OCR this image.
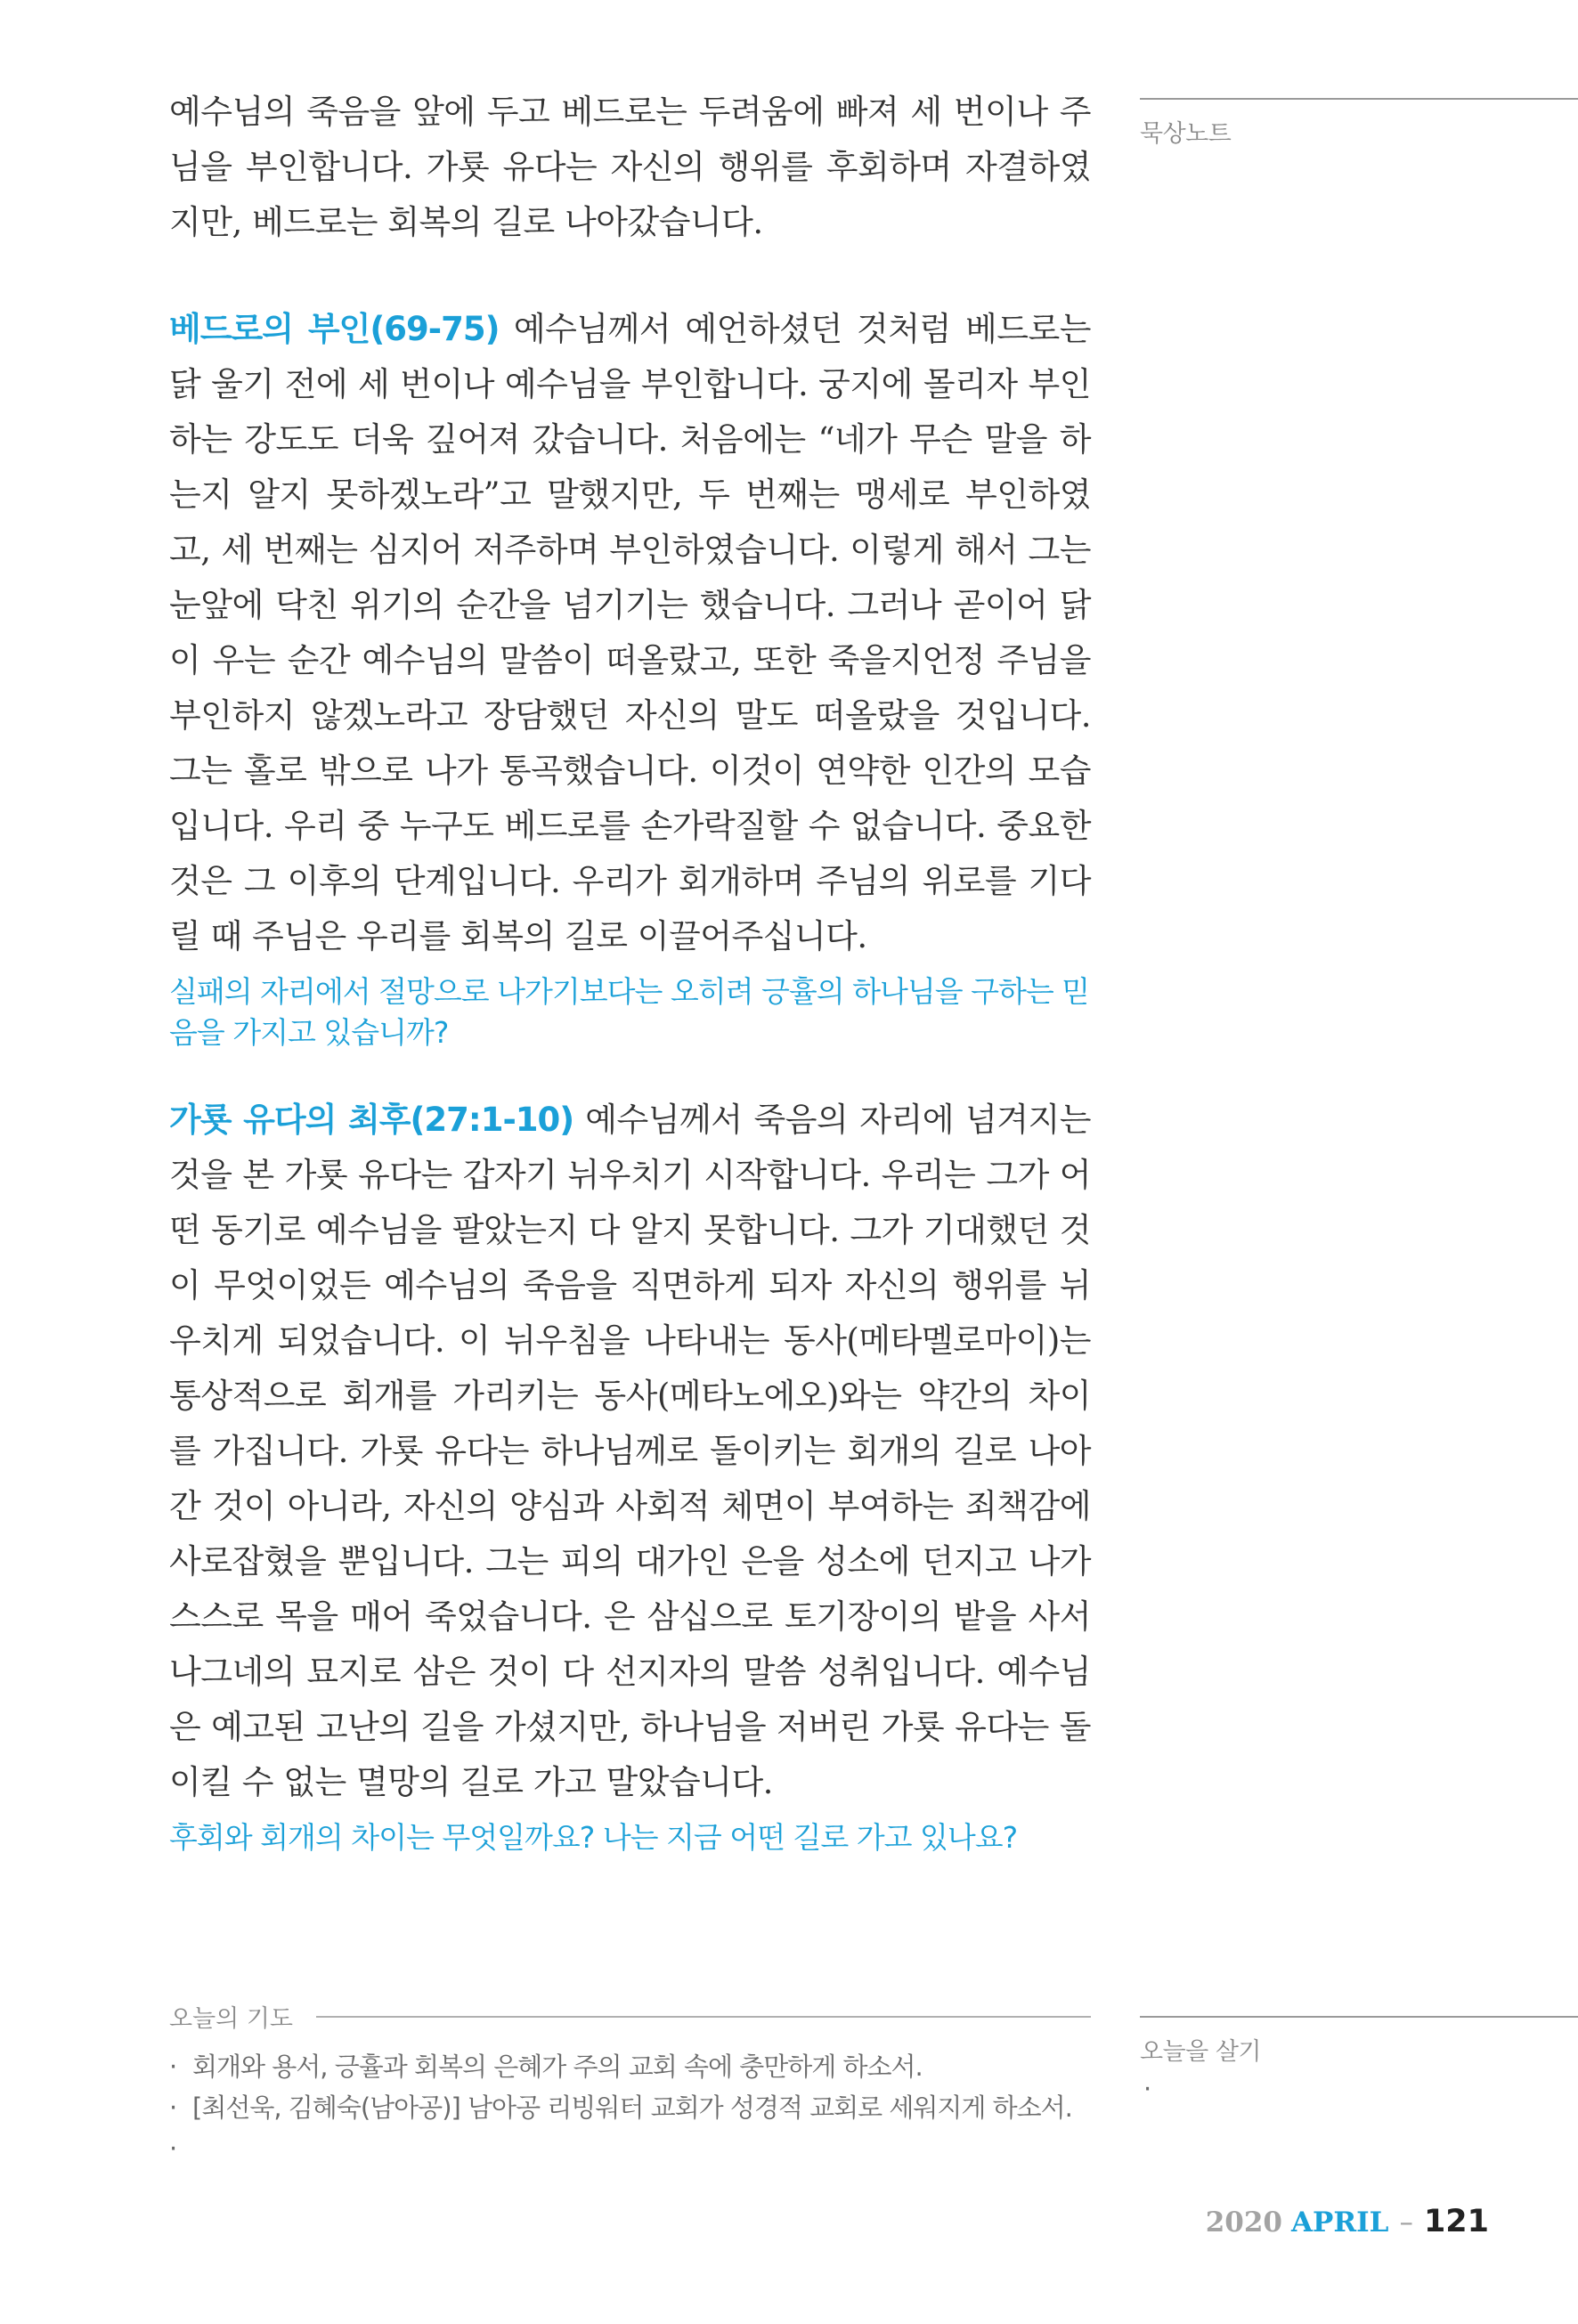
예수님의 죽음을 앞에 두고 베드로는 두려움에 빠져 세 번이나 주님을 부인합니다. 가룟 유다는 자신의 행위를 후회하며 자결하였지만, 베드로는 회복의 길로 나아갔습니다.

베드로의 부인(69-75) 예수님께서 예언하셨던 것처럼 베드로는 닭 울기 전에 세 번이나 예수님을 부인합니다. 궁지에 몰리자 부인하는 강도도 더욱 깊어져 갔습니다. 처음에는 “네가 무슨 말을 하는지 알지 못하겠노라”고 말했지만, 두 번째는 맹세로 부인하였고, 세 번째는 심지어 저주하며 부인하였습니다. 이렇게 해서 그는 눈앞에 닥친 위기의 순간을 넘기기는 했습니다. 그러나 곧이어 닭이 우는 순간 예수님의 말씀이 떠올랐고, 또한 죽을지언정 주님을 부인하지 않겠노라고 장담했던 자신의 말도 떠올랐을 것입니다. 그는 홀로 밖으로 나가 통곡했습니다. 이것이 연약한 인간의 모습입니다. 우리 중 누구도 베드로를 손가락질할 수 없습니다. 중요한 것은 그 이후의 단계입니다. 우리가 회개하며 주님의 위로를 기다릴 때 주님은 우리를 회복의 길로 이끌어주십니다.

실패의 자리에서 절망으로 나가기보다는 오히려 긍휼의 하나님을 구하는 믿음을 가지고 있습니까?

가룟 유다의 최후(27:1-10) 예수님께서 죽음의 자리에 넘겨지는 것을 본 가룟 유다는 갑자기 뉘우치기 시작합니다. 우리는 그가 어떤 동기로 예수님을 팔았는지 다 알지 못합니다. 그가 기대했던 것이 무엇이었든 예수님의 죽음을 직면하게 되자 자신의 행위를 뉘우치게 되었습니다. 이 뉘우침을 나타내는 동사(메타멜로마이)는 통상적으로 회개를 가리키는 동사(메타노에오)와는 약간의 차이를 가집니다. 가룟 유다는 하나님께로 돌이키는 회개의 길로 나아간 것이 아니라, 자신의 양심과 사회적 체면이 부여하는 죄책감에 사로잡혔을 뿐입니다. 그는 피의 대가인 은을 성소에 던지고 나가 스스로 목을 매어 죽었습니다. 은 삼십으로 토기장이의 밭을 사서 나그네의 묘지로 삼은 것이 다 선지자의 말씀 성취입니다. 예수님은 예고된 고난의 길을 가셨지만, 하나님을 저버린 가룟 유다는 돌이킬 수 없는 멸망의 길로 가고 말았습니다.

후회와 회개의 차이는 무엇일까요? 나는 지금 어떤 길로 가고 있나요?

묵상노트
오늘의 기도
· 회개와 용서, 긍휼과 회복의 은혜가 주의 교회 속에 충만하게 하소서.
· [최선욱, 김혜숙(남아공)] 남아공 리빙워터 교회가 성경적 교회로 세워지게 하소서.
·
오늘을 살기
·
2020 APRIL – 121
